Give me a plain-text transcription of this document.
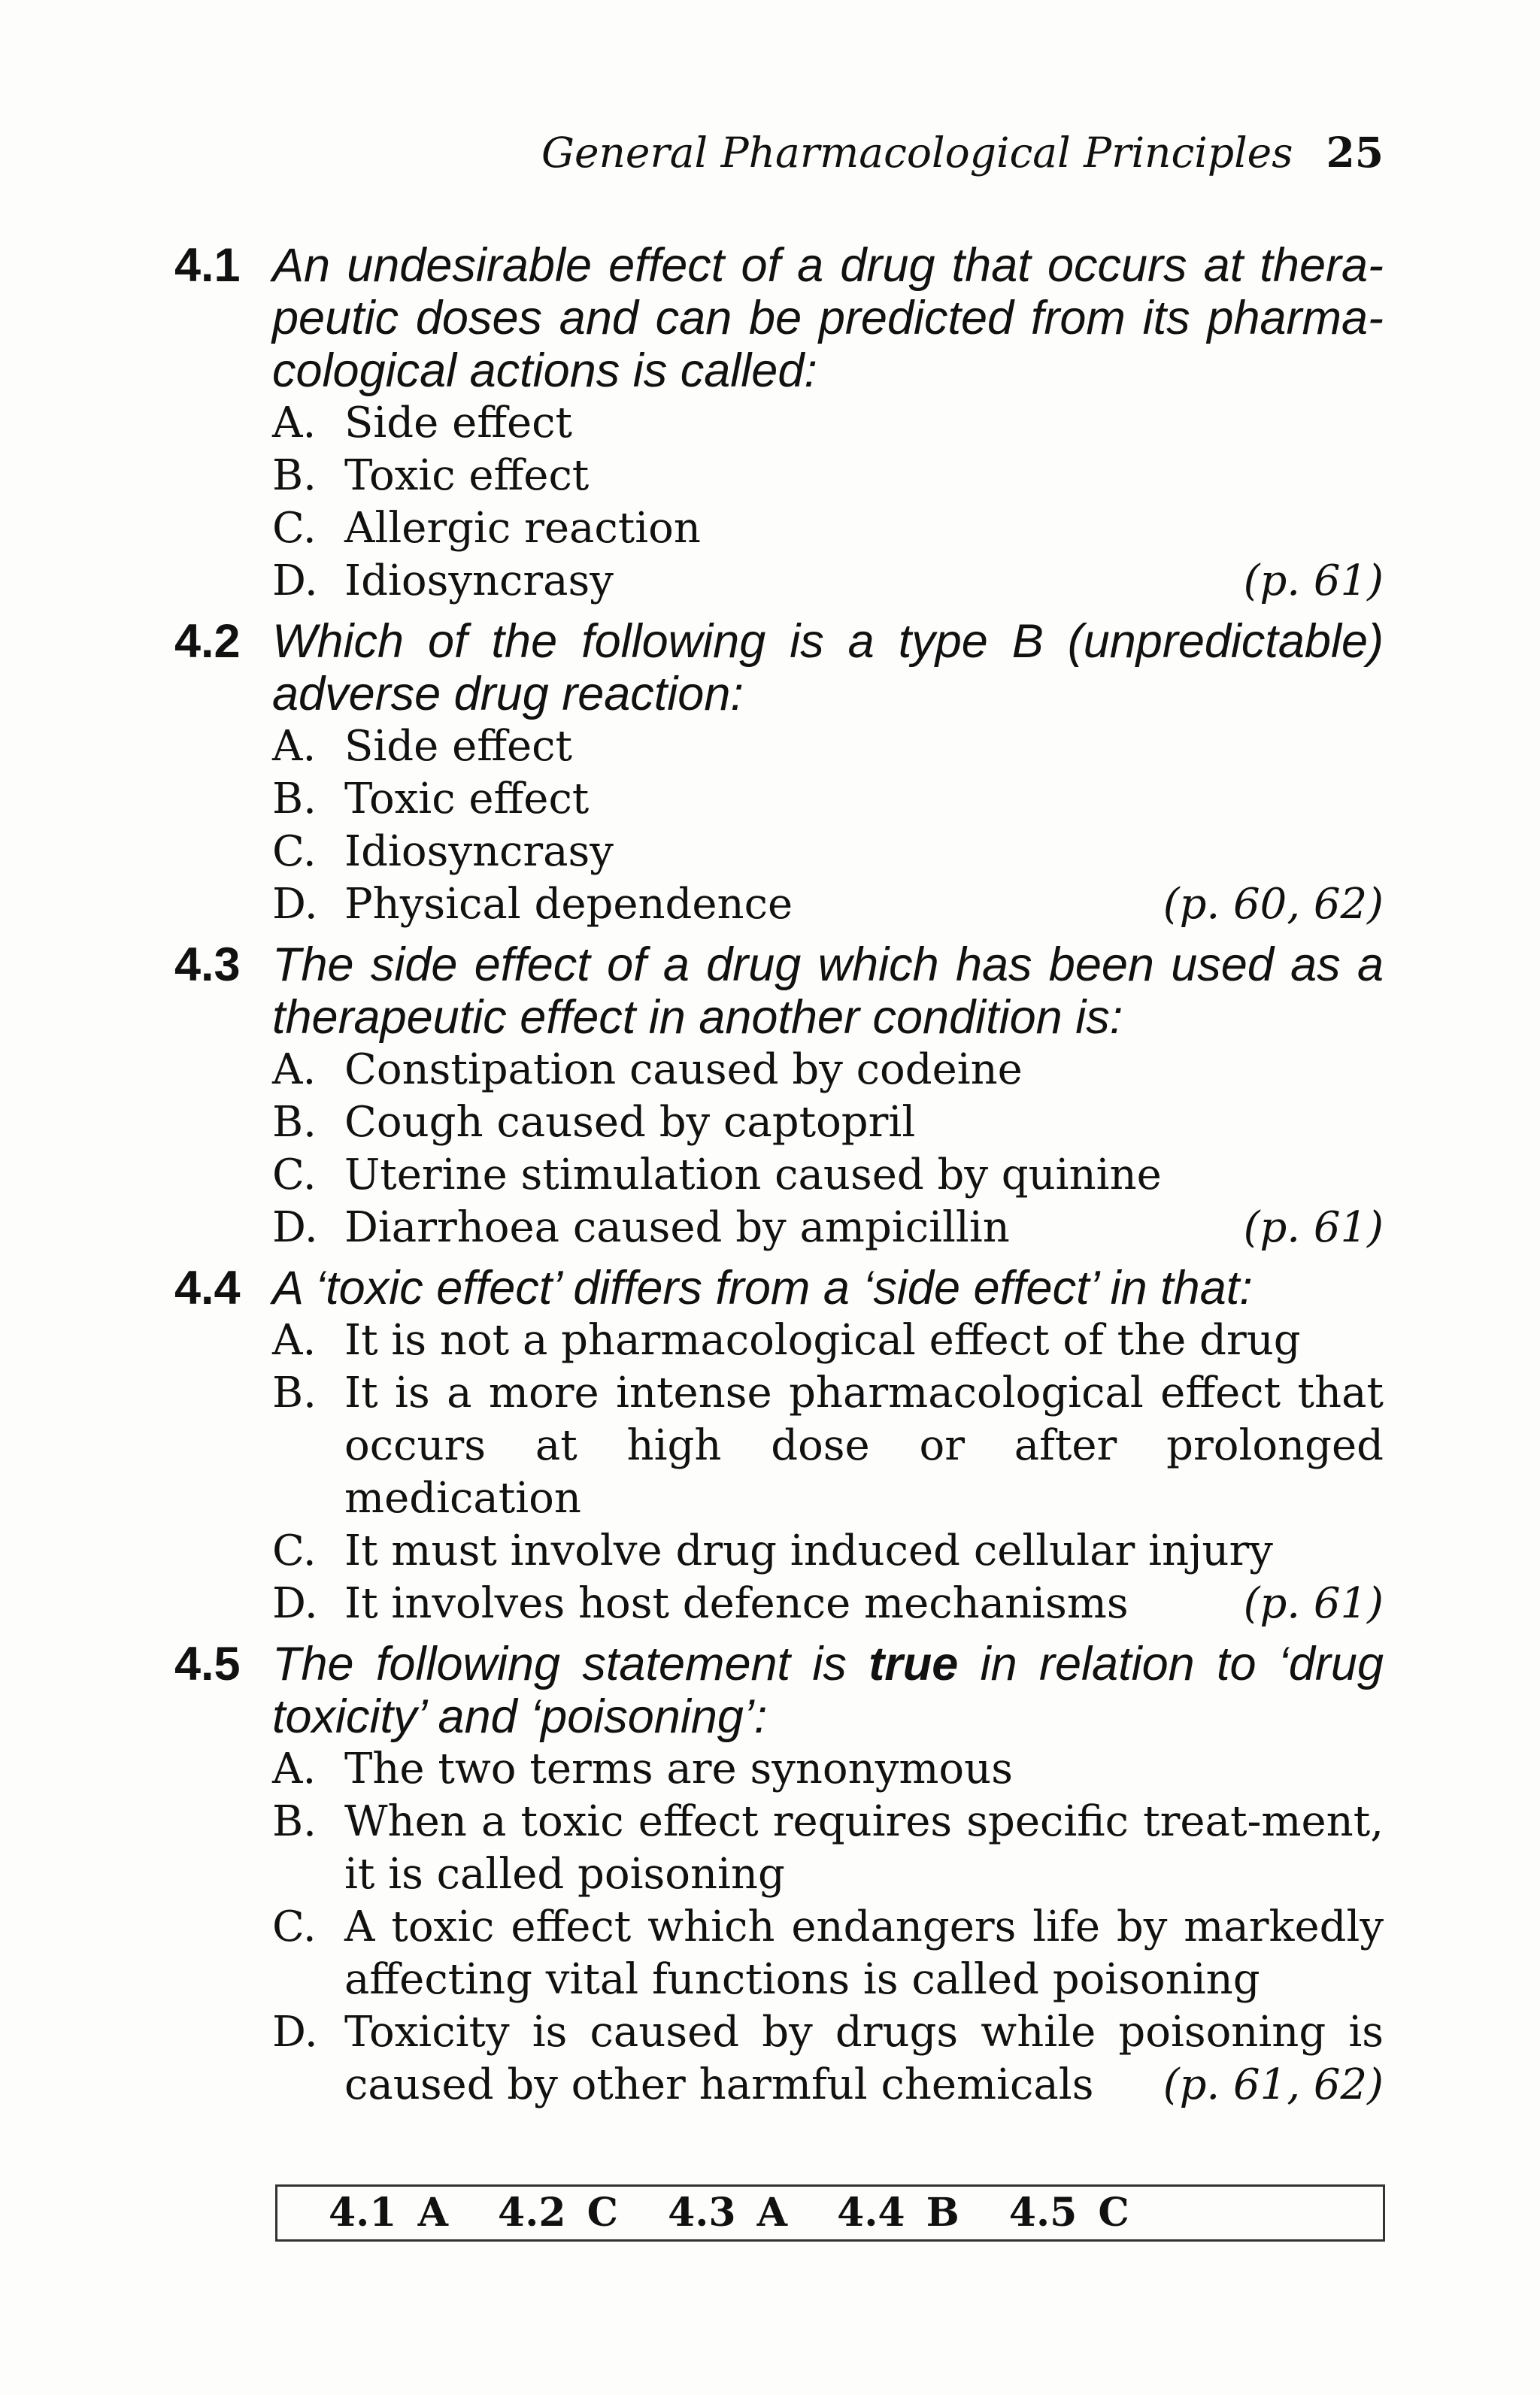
General Pharmacological Principles 25
4.1 An undesirable effect of a drug that occurs at thera-peutic doses and can be predicted from its pharma-cological actions is called:
A. Side effect
B. Toxic effect
C. Allergic reaction
D. Idiosyncrasy	(p. 61)
4.2 Which of the following is a type B (unpredictable) adverse drug reaction:
A. Side effect
B. Toxic effect
C. Idiosyncrasy
D. Physical dependence	(p. 60, 62)
4.3 The side effect of a drug which has been used as a therapeutic effect in another condition is:
A. Constipation caused by codeine
B. Cough caused by captopril
C. Uterine stimulation caused by quinine
D. Diarrhoea caused by ampicillin	(p. 61)
4.4 A ‘toxic effect’ differs from a ‘side effect’ in that:
A. It is not a pharmacological effect of the drug
B. It is a more intense pharmacological effect that occurs at high dose or after prolonged medication
C. It must involve drug induced cellular injury
D. It involves host defence mechanisms	(p. 61)
4.5 The following statement is true in relation to ‘drug toxicity’ and ‘poisoning’:
A. The two terms are synonymous
B. When a toxic effect requires specific treat-ment, it is called poisoning
C. A toxic effect which endangers life by markedly affecting vital functions is called poisoning
D. Toxicity is caused by drugs while poisoning is caused by other harmful chemicals (p. 61, 62)
4.1 A 4.2 C 4.3 A 4.4 B 4.5 C
